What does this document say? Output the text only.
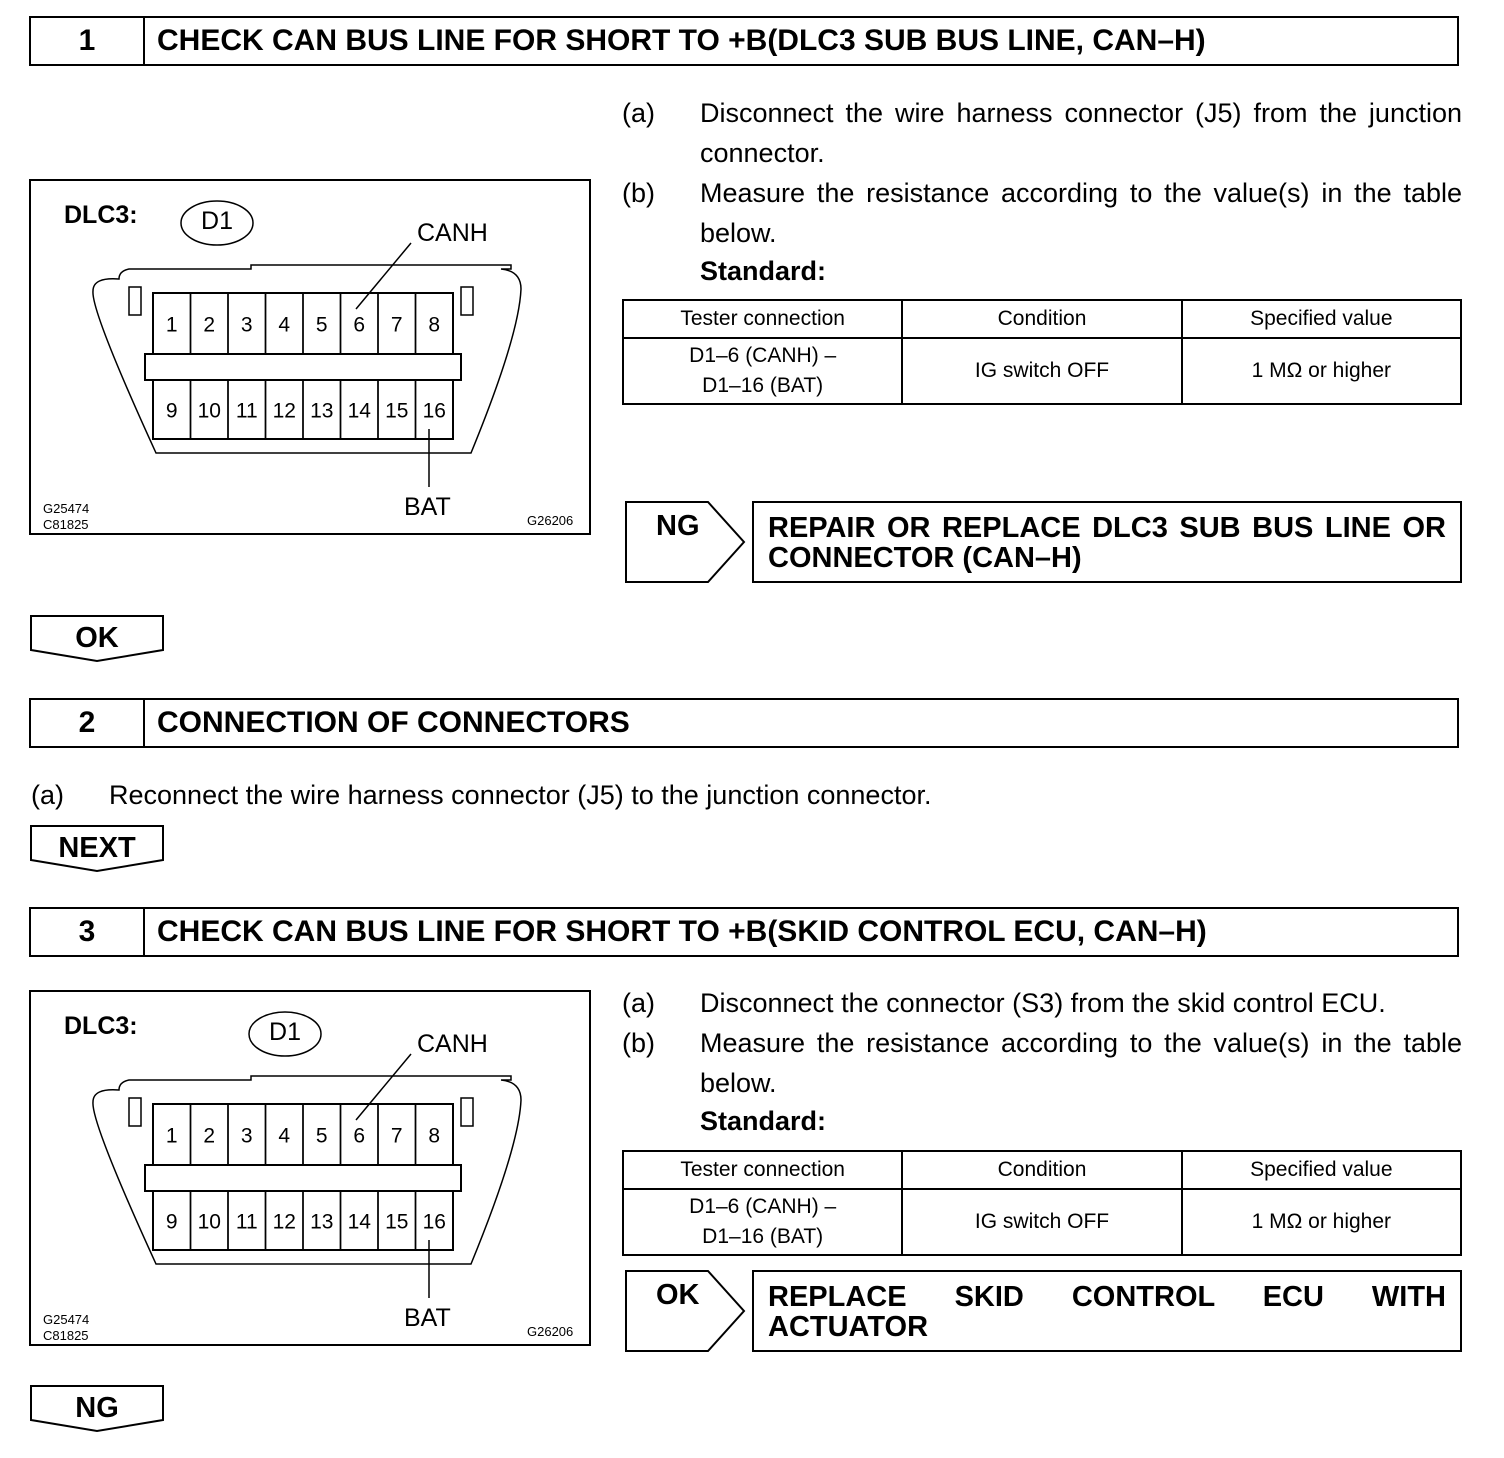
1	CHECK CAN BUS LINE FOR SHORT TO +B(DLC3 SUB BUS LINE, CAN–H)
1 2 3 4 5 6 7 8
9 10 11 12 13 14 15 16
DLC3:	D1	CANH
BAT
G25474
C81825	G26206
(a) Disconnect the wire harness connector (J5) from the junction connector.
(b) Measure the resistance according to the value(s) in the table below.
Standard:
Tester connection	Condition	Specified value

D1–6 (CANH) –
D1–16 (BAT)	IG switch OFF	1 MΩ or higher
NG	REPAIR OR REPLACE DLC3 SUB BUS LINE OR CONNECTOR (CAN–H)
OK
2	CONNECTION OF CONNECTORS
(a) Reconnect the wire harness connector (J5) to the junction connector.
NEXT
3	CHECK CAN BUS LINE FOR SHORT TO +B(SKID CONTROL ECU, CAN–H)
1 2 3 4 5 6 7 8
9 10 11 12 13 14 15 16
DLC3:	D1	CANH
BAT
G25474
C81825	G26206
(a) Disconnect the connector (S3) from the skid control ECU.
(b) Measure the resistance according to the value(s) in the table below.
Standard:
Tester connection	Condition	Specified value

D1–6 (CANH) –
D1–16 (BAT)	IG switch OFF	1 MΩ or higher
OK	REPLACE SKID CONTROL ECU WITH ACTUATOR
NG
